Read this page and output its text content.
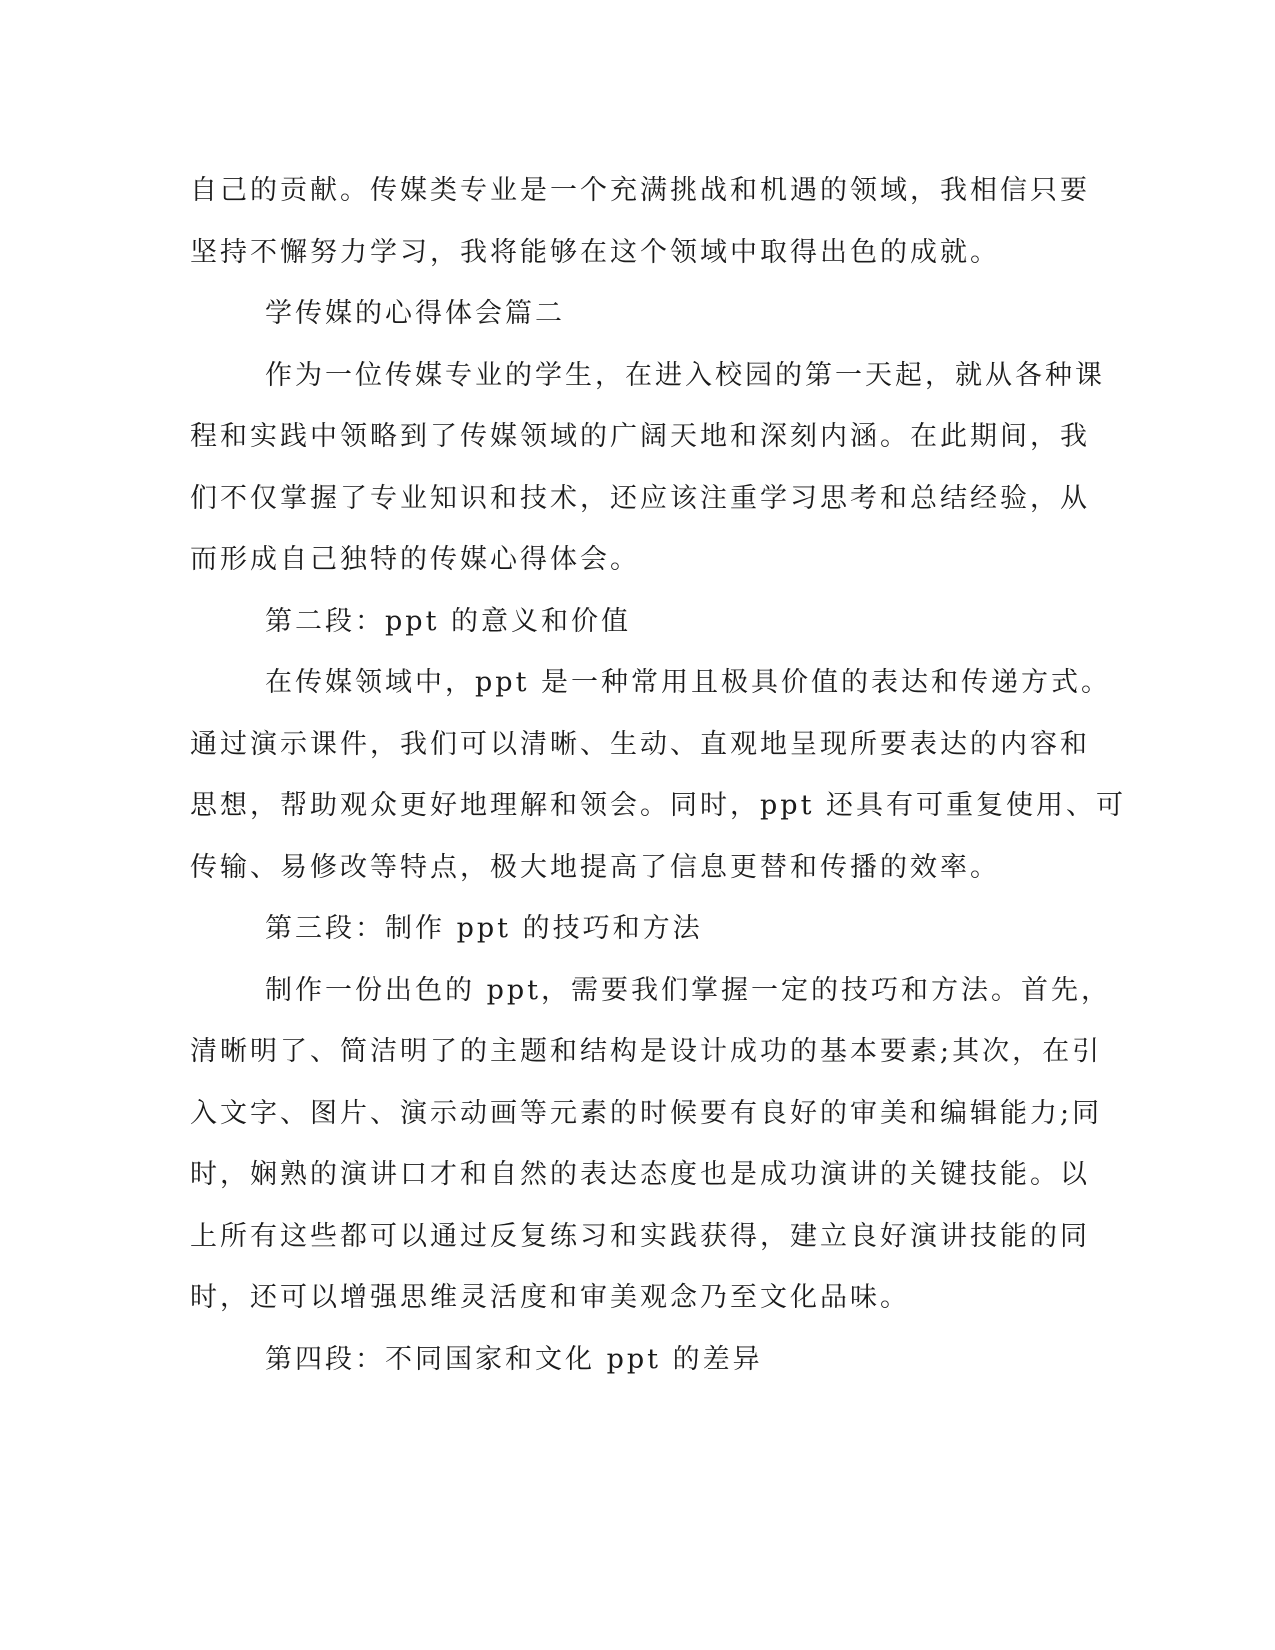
自己的贡献。传媒类专业是一个充满挑战和机遇的领域，我相信只要
坚持不懈努力学习，我将能够在这个领域中取得出色的成就。
学传媒的心得体会篇二
作为一位传媒专业的学生，在进入校园的第一天起，就从各种课
程和实践中领略到了传媒领域的广阔天地和深刻内涵。在此期间，我
们不仅掌握了专业知识和技术，还应该注重学习思考和总结经验，从
而形成自己独特的传媒心得体会。
第二段：ppt 的意义和价值
在传媒领域中，ppt 是一种常用且极具价值的表达和传递方式。
通过演示课件，我们可以清晰、生动、直观地呈现所要表达的内容和
思想，帮助观众更好地理解和领会。同时，ppt 还具有可重复使用、可
传输、易修改等特点，极大地提高了信息更替和传播的效率。
第三段：制作 ppt 的技巧和方法
制作一份出色的 ppt，需要我们掌握一定的技巧和方法。首先，
清晰明了、简洁明了的主题和结构是设计成功的基本要素;其次，在引
入文字、图片、演示动画等元素的时候要有良好的审美和编辑能力;同
时，娴熟的演讲口才和自然的表达态度也是成功演讲的关键技能。以
上所有这些都可以通过反复练习和实践获得，建立良好演讲技能的同
时，还可以增强思维灵活度和审美观念乃至文化品味。
第四段：不同国家和文化 ppt 的差异
